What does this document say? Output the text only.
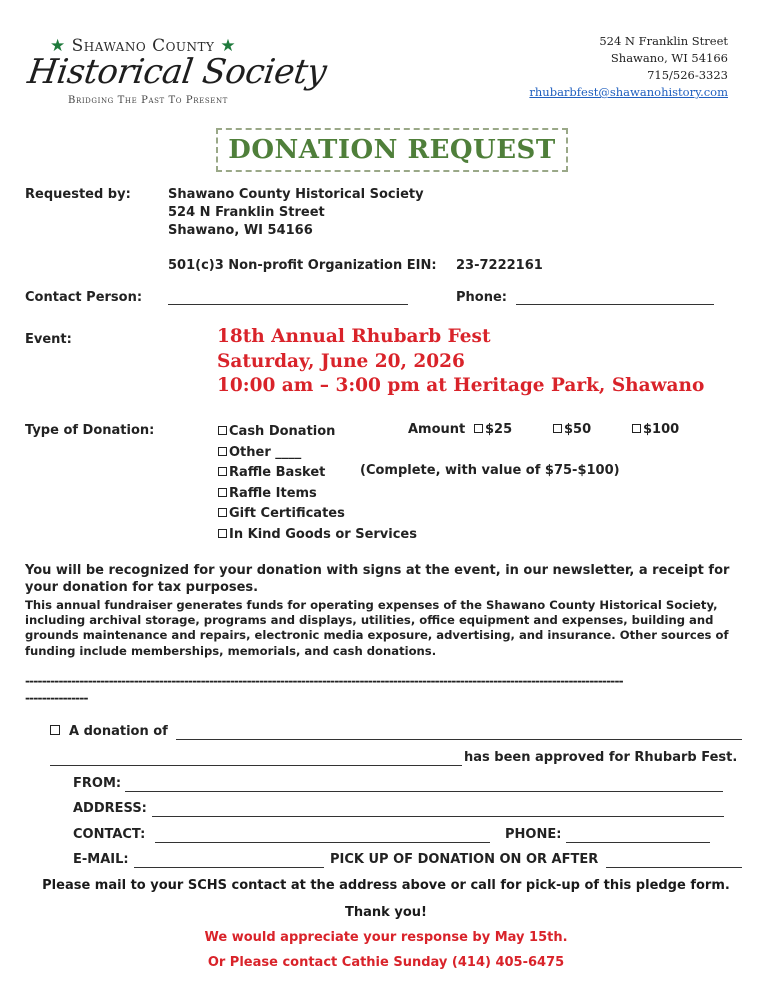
★ Shawano County ★
Historical Society
Bridging The Past To Present
524 N Franklin Street
Shawano, WI 54166
715/526-3323
rhubarbfest@shawanohistory.com
DONATION REQUEST
Requested by:	Shawano County Historical Society
524 N Franklin Street
Shawano, WI 54166
501(c)3 Non-profit Organization EIN: 23-7222161
Contact Person:	Phone:
Event:	18th Annual Rhubarb Fest
Saturday, June 20, 2026
10:00 am – 3:00 pm at Heritage Park, Shawano
Type of Donation:	Cash Donation
Other ____
Raffle Basket
Raffle Items
Gift Certificates
In Kind Goods or Services
Amount	$25	$50	$100
(Complete, with value of $75-$100)
You will be recognized for your donation with signs at the event, in our newsletter, a receipt for your donation for tax purposes.
This annual fundraiser generates funds for operating expenses of the Shawano County Historical Society, including archival storage, programs and displays, utilities, office equipment and expenses, building and grounds maintenance and repairs, electronic media exposure, advertising, and insurance. Other sources of funding include memberships, memorials, and cash donations.
-----------------------------------------------------------------------------------------------------------------------------------------------
---------------
A donation of
has been approved for Rhubarb Fest.
FROM:
ADDRESS:
CONTACT:	PHONE:
E-MAIL:	PICK UP OF DONATION ON OR AFTER
Please mail to your SCHS contact at the address above or call for pick-up of this pledge form.
Thank you!
We would appreciate your response by May 15th.
Or Please contact Cathie Sunday (414) 405-6475
